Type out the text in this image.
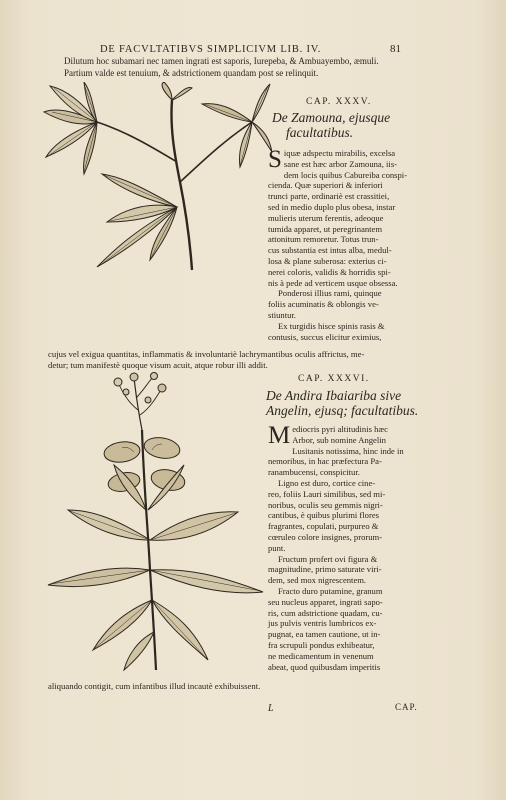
DE FACVLTATIBVS SIMPLICIVM LIB. IV.	81

Dilutum hoc subamari nec tamen ingrati est saporis, Iurepeba, & Ambuayembo, æmuli.

Partium valde est tenuium, & adstrictionem quandam post se relinquit.

CAP. XXXV.
De Zamouna, ejusque
facultatibus.
S iquæ adspectu mirabilis, excelsa
sane est hæc arbor Zamouna, iis-
dem locis quibus Cabureiba conspi-
cienda. Quæ superiori & inferiori
trunci parte, ordinariè est crassitiei,
sed in medio duplo plus obesa, instar
mulieris uterum ferentis, adeoque
tumida apparet, ut peregrinantem
attonitum remoretur. Totus trun-
cus substantia est intus alba, medul-
losa & plane suberosa: exterius ci-
nerei coloris, validis & horridis spi-
nis à pede ad verticem usque obsessa.
Ponderosi illius rami, quinque
foliis acuminatis & oblongis ve-
stiuntur.
Ex turgidis hisce spinis rasis &
contusis, succus elicitur eximius,
cujus vel exigua quantitas, inflammatis & involuntariè lachrymantibus oculis affrictus, me-
detur; tum manifestè quoque visum acuit, atque robur illi addit.
CAP. XXXVI.
De Andira Ibaiariba sive
Angelin, ejusq; facultatibus.
M ediocris pyri altitudinis hæc
Arbor, sub nomine Angelin
Lusitanis notissima, hinc inde in
nemoribus, in hac præfectura Pa-
ranambucensi, conspicitur.
Ligno est duro, cortice cine-
reo, foliis Lauri similibus, sed mi-
noribus, oculis seu gemmis nigri-
cantibus, è quibus plurimi flores
fragrantes, copulati, purpureo &
cœruleo colore insignes, prorum-
punt.
Fructum profert ovi figura &
magnitudine, primo saturate viri-
dem, sed mox nigrescentem.
Fracto duro putamine, granum
seu nucleus apparet, ingrati sapo-
ris, cum adstrictione quadam, cu-
jus pulvis ventris lumbricos ex-
pugnat, ea tamen cautione, ut in-
fra scrupuli pondus exhibeatur,
ne medicamentum in venenum
abeat, quod quibusdam imperitis
aliquando contigit, cum infantibus illud incautè exhibuissent.
L	CAP.
